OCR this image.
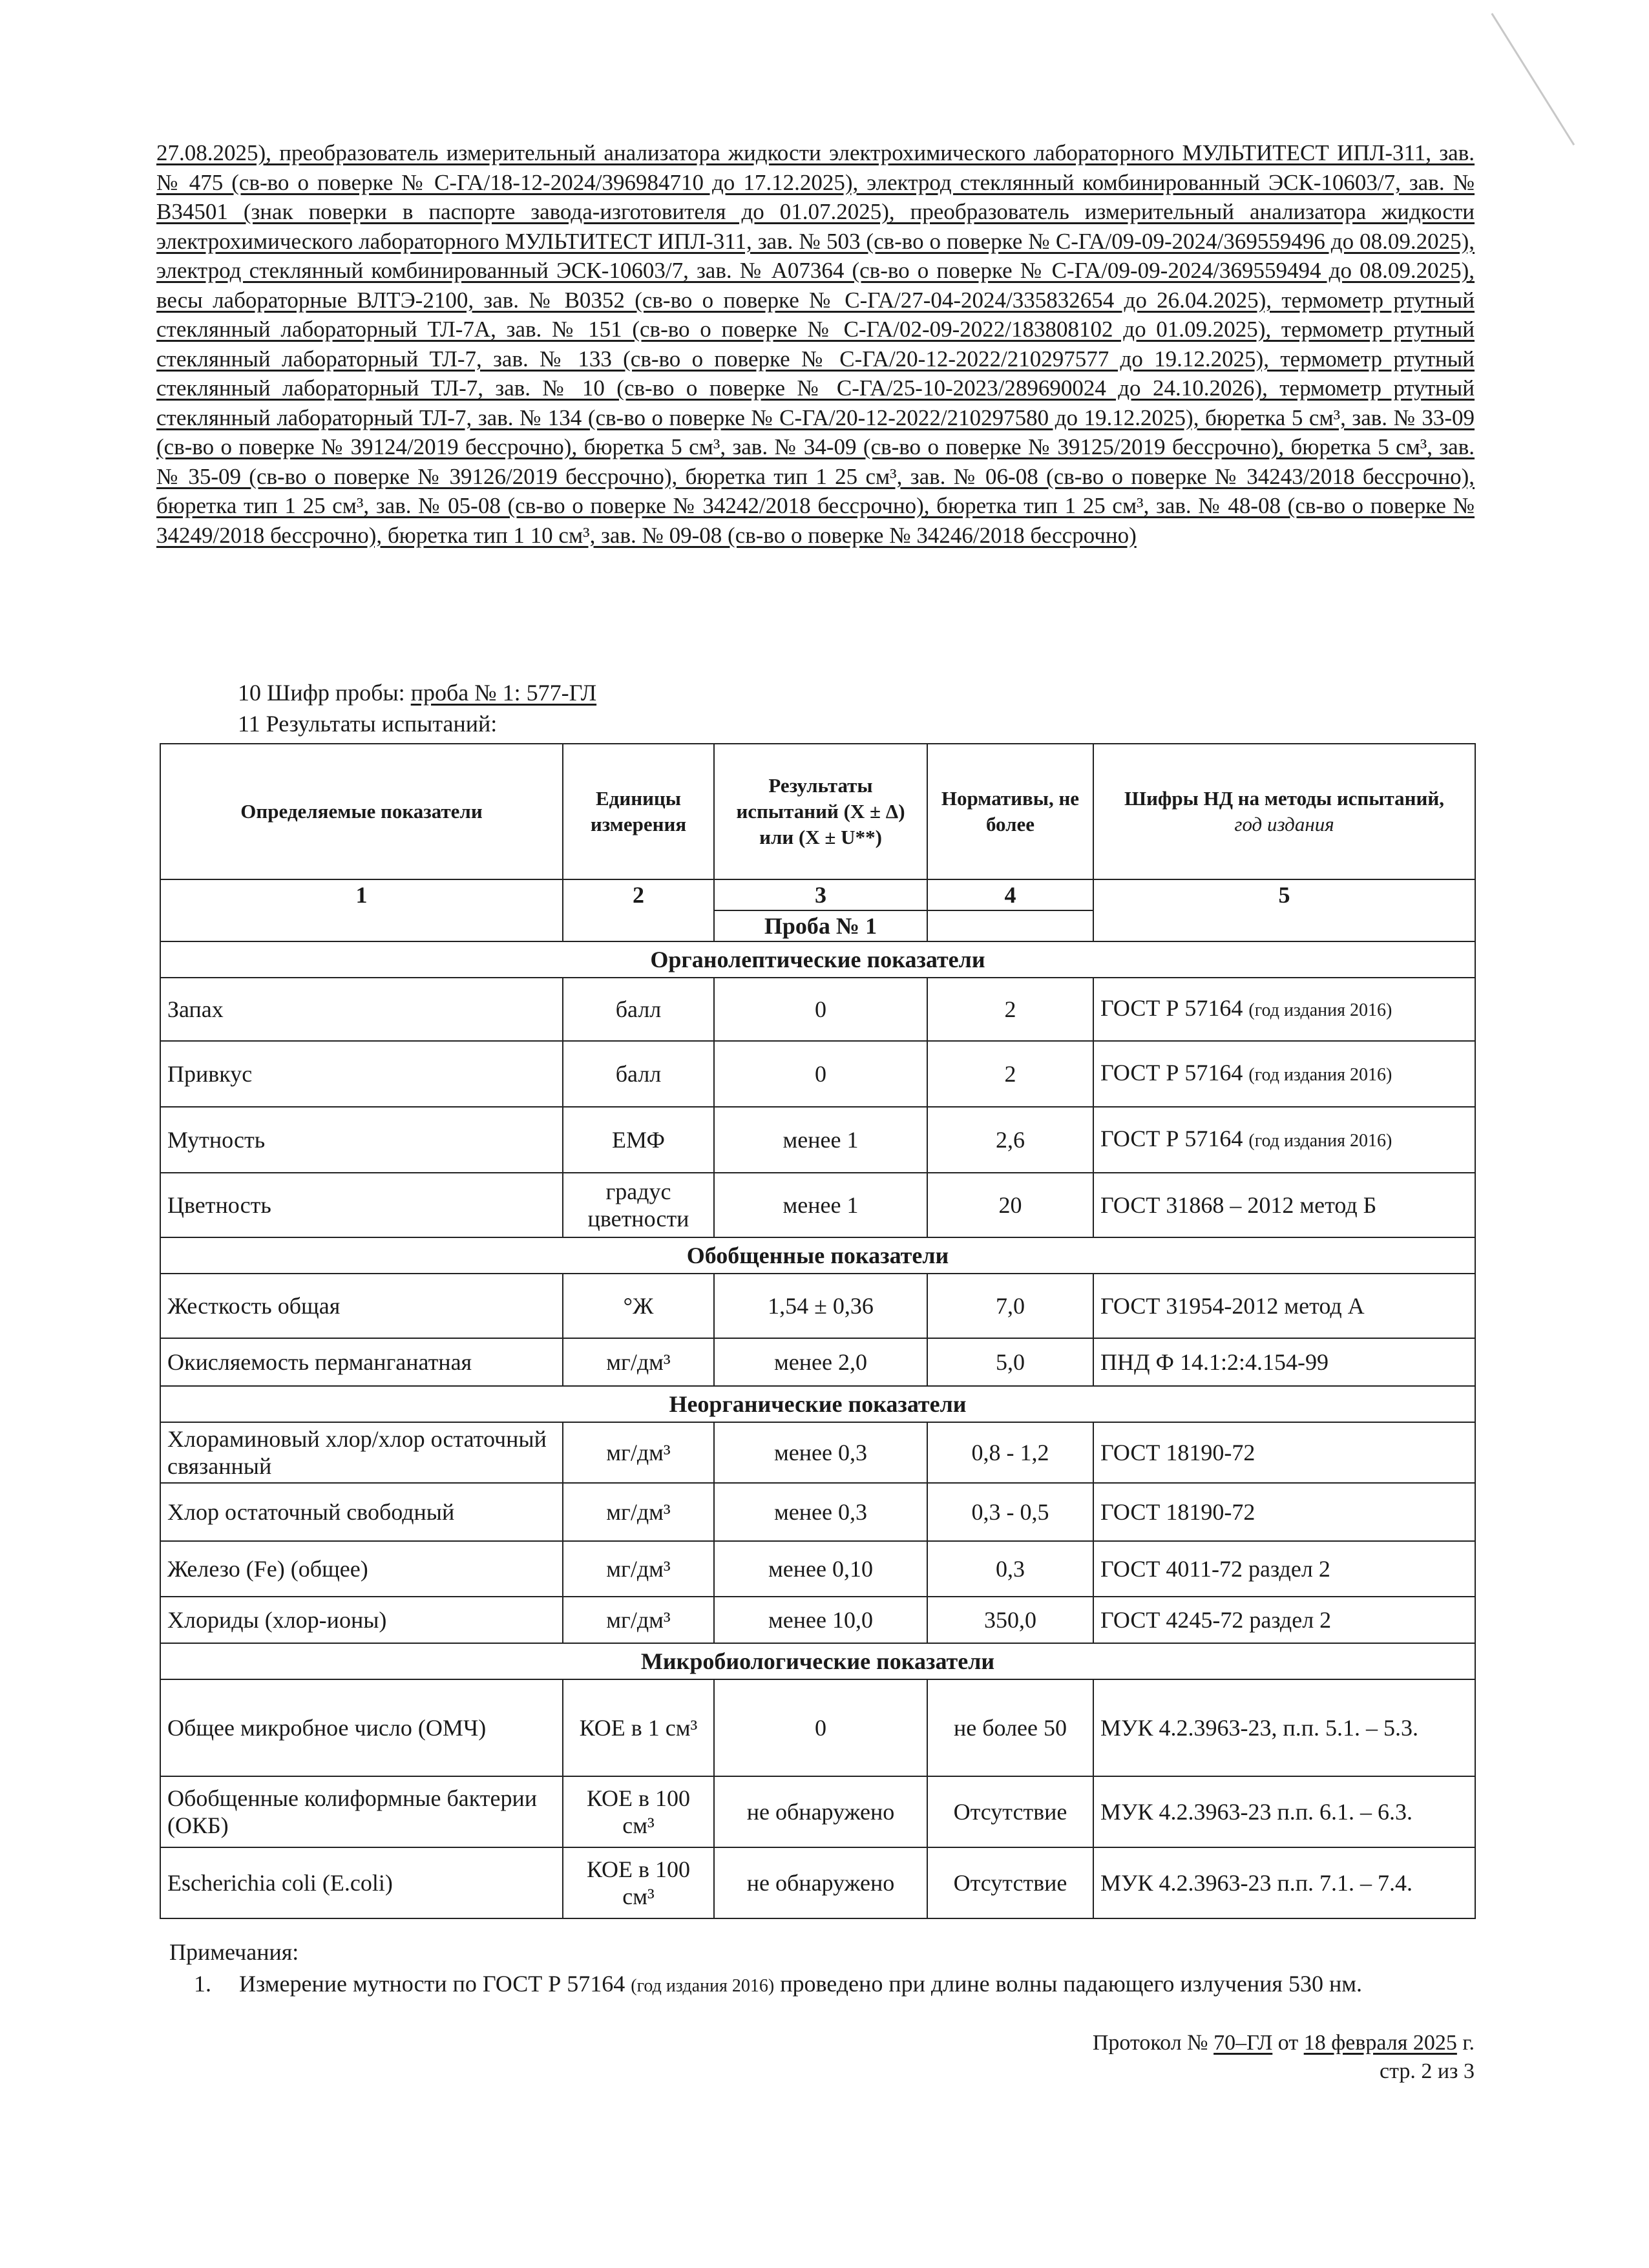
27.08.2025), преобразователь измерительный анализатора жидкости электрохимического лабораторного МУЛЬТИТЕСТ ИПЛ-311, зав. № 475 (св-во о поверке № С-ГА/18-12-2024/396984710 до 17.12.2025), электрод стеклянный комбинированный ЭСК-10603/7, зав. № В34501 (знак поверки в паспорте завода-изготовителя до 01.07.2025), преобразователь измерительный анализатора жидкости электрохимического лабораторного МУЛЬТИТЕСТ ИПЛ-311, зав. № 503 (св-во о поверке № С-ГА/09-09-2024/369559496 до 08.09.2025), электрод стеклянный комбинированный ЭСК-10603/7, зав. № А07364 (св-во о поверке № С-ГА/09-09-2024/369559494 до 08.09.2025), весы лабораторные ВЛТЭ-2100, зав. № В0352 (св-во о поверке № С-ГА/27-04-2024/335832654 до 26.04.2025), термометр ртутный стеклянный лабораторный ТЛ-7А, зав. № 151 (св-во о поверке № С-ГА/02-09-2022/183808102 до 01.09.2025), термометр ртутный стеклянный лабораторный ТЛ-7, зав. № 133 (св-во о поверке № С-ГА/20-12-2022/210297577 до 19.12.2025), термометр ртутный стеклянный лабораторный ТЛ-7, зав. № 10 (св-во о поверке № С-ГА/25-10-2023/289690024 до 24.10.2026), термометр ртутный стеклянный лабораторный ТЛ-7, зав. № 134 (св-во о поверке № С-ГА/20-12-2022/210297580 до 19.12.2025), бюретка 5 см³, зав. № 33-09 (св-во о поверке № 39124/2019 бессрочно), бюретка 5 см³, зав. № 34-09 (св-во о поверке № 39125/2019 бессрочно), бюретка 5 см³, зав. № 35-09 (св-во о поверке № 39126/2019 бессрочно), бюретка тип 1 25 см³, зав. № 06-08 (св-во о поверке № 34243/2018 бессрочно), бюретка тип 1 25 см³, зав. № 05-08 (св-во о поверке № 34242/2018 бессрочно), бюретка тип 1 25 см³, зав. № 48-08 (св-во о поверке № 34249/2018 бессрочно), бюретка тип 1 10 см³, зав. № 09-08 (св-во о поверке № 34246/2018 бессрочно)
10 Шифр пробы: проба № 1: 577-ГЛ
11 Результаты испытаний:
Определяемые показатели	Единицы измерения	Результаты испытаний (X ± Δ) или (X ± U**)	Нормативы, не более	Шифры НД на методы испытаний,
год издания
1	2	3	4	5
		Проба № 1		
Органолептические показатели				
Запах	балл	0	2	ГОСТ Р 57164 (год издания 2016)
Привкус	балл	0	2	ГОСТ Р 57164 (год издания 2016)
Мутность	ЕМФ	менее 1	2,6	ГОСТ Р 57164 (год издания 2016)
Цветность	градус цветности	менее 1	20	ГОСТ 31868 – 2012 метод Б
Обобщенные показатели				
Жесткость общая	°Ж	1,54 ± 0,36	7,0	ГОСТ 31954-2012 метод А
Окисляемость перманганатная	мг/дм³	менее 2,0	5,0	ПНД Ф 14.1:2:4.154-99
Неорганические показатели				
Хлораминовый хлор/хлор остаточный связанный	мг/дм³	менее 0,3	0,8 - 1,2	ГОСТ 18190-72
Хлор остаточный свободный	мг/дм³	менее 0,3	0,3 - 0,5	ГОСТ 18190-72
Железо (Fe) (общее)	мг/дм³	менее 0,10	0,3	ГОСТ 4011-72 раздел 2
Хлориды (хлор-ионы)	мг/дм³	менее 10,0	350,0	ГОСТ 4245-72 раздел 2
Микробиологические показатели				
Общее микробное число (ОМЧ)	КОЕ в 1 см³	0	не более 50	МУК 4.2.3963-23, п.п. 5.1. – 5.3.
Обобщенные колиформные бактерии (ОКБ)	КОЕ в 100 см³	не обнаружено	Отсутствие	МУК 4.2.3963-23 п.п. 6.1. – 6.3.
Escherichia coli (E.coli)	КОЕ в 100 см³	не обнаружено	Отсутствие	МУК 4.2.3963-23 п.п. 7.1. – 7.4.
Примечания:
1. Измерение мутности по ГОСТ Р 57164 (год издания 2016) проведено при длине волны падающего излучения 530 нм.
Протокол № 70–ГЛ от 18 февраля 2025 г.
стр. 2 из 3
